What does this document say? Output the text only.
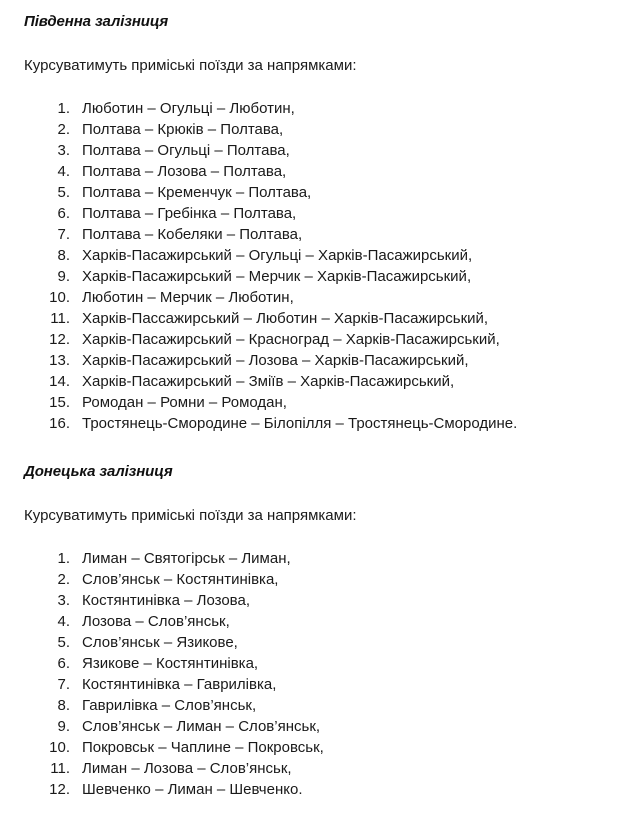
Південна залізниця

Курсуватимуть приміські поїзди за напрямками:

Люботин – Огульці – Люботин,
Полтава – Крюків – Полтава,
Полтава – Огульці – Полтава,
Полтава – Лозова – Полтава,
Полтава – Кременчук – Полтава,
Полтава – Гребінка – Полтава,
Полтава – Кобеляки – Полтава,
Харків-Пасажирський – Огульці – Харків-Пасажирський,
Харків-Пасажирський – Мерчик – Харків-Пасажирський,
Люботин – Мерчик – Люботин,
Харків-Пассажирський – Люботин – Харків-Пасажирський,
Харків-Пасажирський – Красноград – Харків-Пасажирський,
Харків-Пасажирський – Лозова – Харків-Пасажирський,
Харків-Пасажирський – Зміїв – Харків-Пасажирський,
Ромодан – Ромни – Ромодан,
Тростянець-Смородине – Білопілля – Тростянець-Смородине.
Донецька залізниця

Курсуватимуть приміські поїзди за напрямками:

Лиман – Святогірськ – Лиман,
Слов’янськ – Костянтинівка,
Костянтинівка – Лозова,
Лозова – Слов’янськ,
Слов’янськ – Язикове,
Язикове – Костянтинівка,
Костянтинівка – Гаврилівка,
Гаврилівка – Слов’янськ,
Слов’янськ – Лиман – Слов’янськ,
Покровськ – Чаплине – Покровськ,
Лиман – Лозова – Слов’янськ,
Шевченко – Лиман – Шевченко.
